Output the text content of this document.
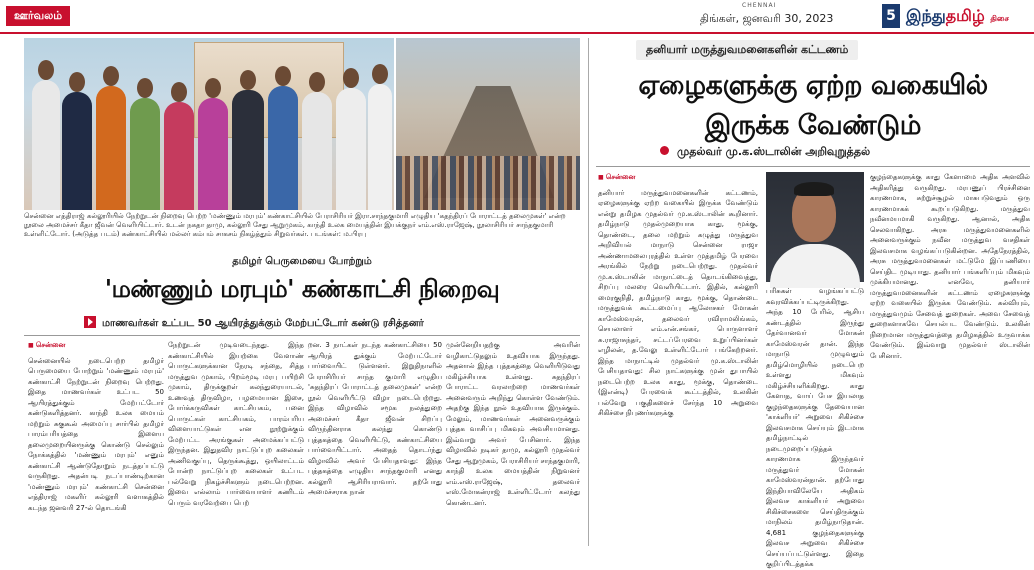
ஊர்வலம்
CHENNAI
திங்கள், ஜனவரி 30, 2023	5 இந்துதமிழ் திசை
சென்னை எத்திராஜ் கல்லூரியில் நேற்றுடன் நிறைவு பெற்ற 'மண்ணும் மரபும்' கண்காட்சியில் பேராசிரியர் இரா.சாந்தகுமாரி எழுதிய 'கதந்திரப் போராட்டத் தலைமுகள்' என்ற நூலை அமைச்சர் கீதா ஜீவன் வெளியிட்டார். உடன் நகதா தாமு, கல்லூரி சேது ஆறுமுகம், காந்தி உலக மையத்தின் இயக்குநர் எம்.எஸ்.ராஜேஷ், நூலாசிரியர் சாந்தகுமாரி உள்ளிட்டோர். (அடுத்த படம்) கண்காட்சியில் மல்லர் கம்பம் சாகசம் நிகழ்த்தும் சிறுவர்கள். படங்கள்: ம.பிரபு
தமிழர் பெருமையை போற்றும்
'மண்ணும் மரபும்' கண்காட்சி நிறைவு
மாணவர்கள் உட்பட 50 ஆயிரத்துக்கும் மேற்பட்டோர் கண்டு ரசித்தனர்

■ சென்னை

சென்னையில் நடைபெற்ற தமிழர் பெருமையை போற்றும் 'மண்ணும் மரபும்' கண்காட்சி நேற்றுடன் நிறைவு பெற்றது. இதை மாணவர்கள் உட்பட 50 ஆயிரத்துக்கும் மேற்பட்டோர் கண்டுகளித்தனர். காந்தி உலக மையம் மற்றும் சுகுகூல் அமைப்பு சார்பில் தமிழர் பாரம்பரியத்தை இளைய தலைமுறையினருக்கு கொண்டு செல்லும் நோக்கத்தில் 'மண்ணும் மரபும்' எனும் கண்காட்சி ஆண்டுதோறும் நடத்தப்பட்டு வருகிறது. அதன்படி நடப்பாண்டிற்கான 'மண்ணும் மரபும்' கண்காட்சி சென்னை எத்திராஜ் மகளிர் கல்லூரி வளாகத்தில் கடந்த ஜனவரி 27-ல் தொடங்கி

நேற்றுடன் முடிவடைந்தது. இந்த கண்காட்சியில் இயற்கை வேளாண் பொருட்களுக்கான நேரடி சந்தை, சித்த மருத்துவ முகாம், பிறம்மூடி மரபு பயிற்சி முகாம், திருக்குறள் கலந்துரையாடல், உணவுத் திருவிழா, பழமையான இசை, போர்க்கருவிகள் காட்சியகம், பனை பொருட்கள் காட்சியகம், பாரம்பரிய விளையாட்டுகள் என நூற்றுக்கும் மேற்பட்ட அரங்குகள் அமைக்கப்பட்டு இருந்தன. இதுதவிர நாட்டுப்புற கலைகள் அணிவகுப்பு, தெருக்கூத்து, ஒயிலாட்டம் போன்ற நாட்டுப்புற கலைகள் உட்பட பல்வேறு நிகழ்ச்சிகளும் நடைபெற்றன. இவை எல்லாம் பார்வையாளர் கணிடம் பெரும் வரவேற்பை பெற்

றன. 3 நாட்கள் நடந்த கண்காட்சியை 50 ஆயிரத் துக்கும் மேற்பட்டோர் பார்வையிட் டுள்ளனர். இறுதிநாளில் பேராசிரியர் சாந்த குமாரி எழுதிய 'சுதந்திரப் போராட்டத் தலைமுகள்' என்ற நூல் வெளியீட்டு விழா நடைபெற்றது. இந்த விழாவில் சமூக நலத்துறை அமைச்சர் கீதா ஜீவன் சிறப்பு விருந்தினராக கலந்து கொண்டு புத்தகத்தை வெளியிட்டு, கண்காட்சியை பார்வையிட்டார். அதைத் தொடர்ந்து விழாவில் அவர் பேசியதாவது: இந்த புத்தகத்தை எழுதிய சாந்தகுமாரி எனது கல்லூரி ஆசிரியராவார். தற்போது அமைச்சராக நான்

முன்னேறியதற்கு அவரின் வழிகாட்டுதலும் உதவியாக இருந்தது. அதனால் இந்த புத்தகத்தை வெளியிடுவது மகிழ்ச்சியாக உள்ளது. சுதந்திரப் போராட்ட வரலாற்றை மாணவர்கள் அனைவரும் அறிந்து கொள்ள வேண்டும். அதற்கு இந்த நூல் உதவியாக இருக்கும். மேலும், மாணவர்கள் அனைவருக்கும் புத்தக வாசிப்பு மிகவும் அவசியமானது. இவ்வாறு அவர் பேசினார். இந்த விழாவில் நடிகர் தாமு, கல்லூரி முதல்வர் சேது ஆறுமுகம், பேராசிரியர் சாந்தகுமாரி, காந்தி உலக மையத்தின் நிறுவனர் எம்.எஸ்.ராஜேஷ், தலைவர் எஸ்.மோகன்ராஜ் உள்ளிட்டோர் கலந்து கொண்டனர்.

தனியார் மருத்துவமனைகளின் கட்டணம்
ஏழைகளுக்கு ஏற்ற வகையில்
இருக்க வேண்டும்
முதல்வர் மு.க.ஸ்டாலின் அறிவுறுத்தல்

■ சென்னை

தனியார் மருத்துவமனைகளின் கட்டணம், ஏழைகளுக்கு ஏற்ற வகையில் இருக்க வேண்டும் என்று தமிழக முதல்வர் மு.க.ஸ்டாலின் கூறினார். தமிழ்நாடு முதல்முறையாக காது, மூக்கு, தொண்டை, தலை மற்றும் கழுத்து மருத்துவ அறிவியல் மாநாடு சென்னை ராஜா அண்ணாமலைபுரத்தில் உள்ள முத்தமிழ் பேரவை அரங்கில் நேற்று நடைபெற்றது. முதல்வர் மு.க.ஸ்டாலின் மாநாட்டைத் தொடங்கிவைத்து, சிறப்பு மலரை வெளியிட்டார். இதில், கல்லூரி மைரகுநிதி, தமிழ்நாடு காது, மூக்கு, தொண்டை மருத்துவக் கூட்டமைப்பு ஆலோசகர் மோகன் காமேஸ்வரன், தலைவர் ரவிராமலிங்கம், செயலாளர் எம்.என்.சங்கர், பொருளாளர் சு.ராஜாசுந்தர், சட்டப்பேரவை உறுப்பினர்கள் எழிலன், த.வேலு உள்ளிட்டோர் பங்கேற்றனர். இந்த மாநாட்டில் முதல்வர் மு.க.ஸ்டாலின் பேசியதாவது: சில நாட்களுக்கு முன் துபாயில் நடைபெற்ற உலக காது, மூக்கு, தொண்டை (இஎன்டி) பேரவைக் கூட்டத்தில், உலகின் பல்வேறு பகுதிகளைச் சேர்ந்த 10 அறுவை சிகிச்சை நிபுணர்களுக்கு

பரிசுகள் வழங்கப்பட்டு கவுரவிக்கப்பட்டிருக்கிறது. அந்த 10 பேரில், ஆசிய கண்டத்தில் இருந்து தேர்வானவர் மோகன் காமேஸ்வரன் தான். இந்த மாநாடு முழுவதும் தமிழ்மொழியில் நடைபெற உள்ளது மிகவும் மகிழ்ச்சியளிக்கிறது. காது கேளாத, வாய் பேச இயலாத குழந்தைகளுக்கு தேவையான 'காக்ளியர்' அறுவை சிகிச்சை இலவசமாக செய்யும் இடமாக தமிழ்நாட்டில் நடைமுறைப்படுத்தக் காரணமாக இருந்தவர் மருத்துவர் மோகன் காமேஸ்வரன்தான். தற்போது இந்தியாவிலேயே அதிகம் இலவச காக்ளியர் அறுவை சிகிச்சைகளை செய்திருக்கும் மாநிலம் தமிழ்நாடுதான். 4,681 குழந்தைகளுக்கு இலவச அறுவை சிகிச்சை செய்யப்பட்டுள்ளது. இதை குறிப்பிடத்தக்க

குழந்தைகளுக்கு காது கேளாமை அதிக அளவில் அதிகரித்து வருகிறது. மரபணுப் பிரச்சினை காரணமாக, சுற்றுச்சூழல் மாசுபடுவதும் ஒரு காரணமாகக் கூறப்படுகிறது. மருத்துவ நவீனமயமாகி வருகிறது. ஆனால், அதிக செலவாகிறது. அரசு மருத்துவமனைகளில் அனைவருக்கும் நவீன மருத்துவ வசதிகள் இலவசமாக வழங்கப்படுகின்றன. அதேநேரத்தில், அரசு மருத்துவமனைகள் மட்டுமே இப்பணியை செய்திட முடியாது. தனியார் பங்களிப்பும் மிகவும் முக்கியமானது. எனவே, தனியார் மருத்துவமனைகளின் கட்டணம் ஏழைகளுக்கு ஏற்ற வகையில் இருக்க வேண்டும். கல்வியும், மருத்துவமும் சேவைத் துறைகள். அவை சேவைத் துறைகளாகவே செயல்பட வேண்டும். உலகின் நிறைமான மருத்துவத்தை தமிழகத்தில் உருவாக்க வேண்டும். இவ்வாறு முதல்வர் ஸ்டாலின் பேசினார்.
